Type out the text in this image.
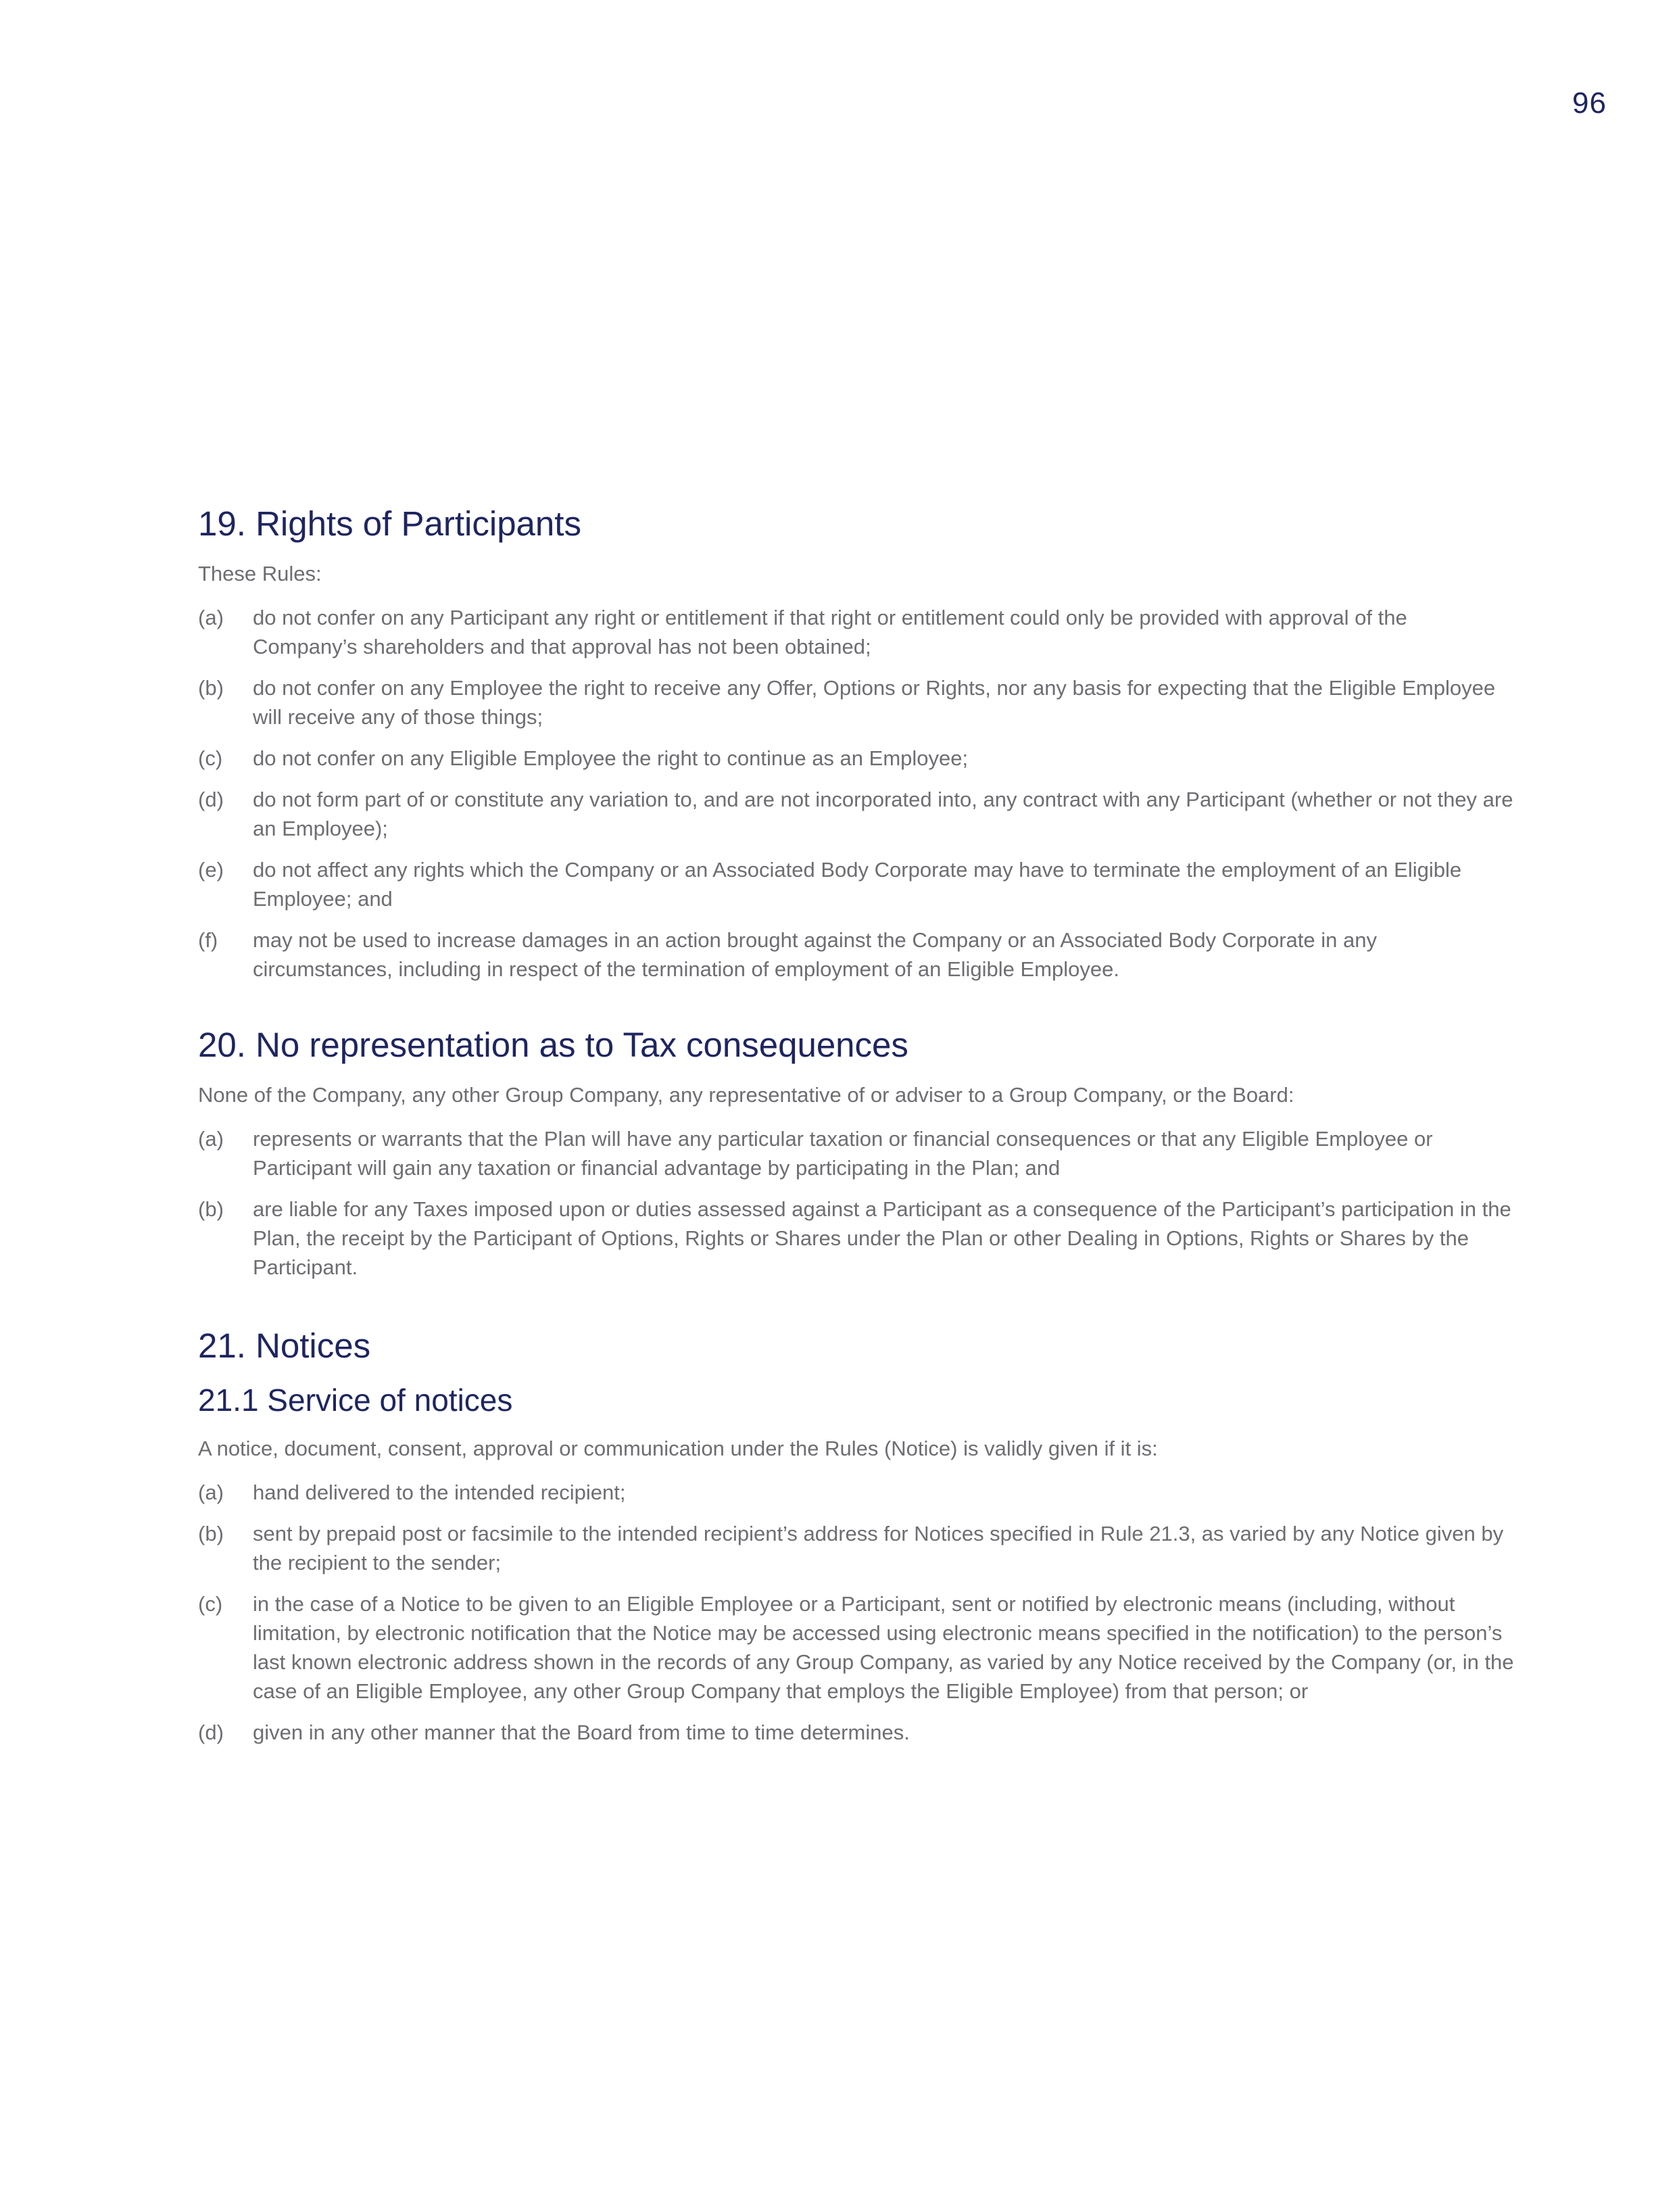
96
19. Rights of Participants

These Rules:

(a)	do not confer on any Participant any right or entitlement if that right or entitlement could only be provided with approval of the Company’s shareholders and that approval has not been obtained;
(b)	do not confer on any Employee the right to receive any Offer, Options or Rights, nor any basis for expecting that the Eligible Employee will receive any of those things;
(c)	do not confer on any Eligible Employee the right to continue as an Employee;
(d)	do not form part of or constitute any variation to, and are not incorporated into, any contract with any Participant (whether or not they are an Employee);
(e)	do not affect any rights which the Company or an Associated Body Corporate may have to terminate the employment of an Eligible Employee; and
(f)	may not be used to increase damages in an action brought against the Company or an Associated Body Corporate in any circumstances, including in respect of the termination of employment of an Eligible Employee.
20. No representation as to Tax consequences

None of the Company, any other Group Company, any representative of or adviser to a Group Company, or the Board:

(a)	represents or warrants that the Plan will have any particular taxation or financial consequences or that any Eligible Employee or Participant will gain any taxation or financial advantage by participating in the Plan; and
(b)	are liable for any Taxes imposed upon or duties assessed against a Participant as a consequence of the Participant’s participation in the Plan, the receipt by the Participant of Options, Rights or Shares under the Plan or other Dealing in Options, Rights or Shares by the Participant.
21. Notices
21.1 Service of notices

A notice, document, consent, approval or communication under the Rules (Notice) is validly given if it is:

(a)	hand delivered to the intended recipient;
(b)	sent by prepaid post or facsimile to the intended recipient’s address for Notices specified in Rule 21.3, as varied by any Notice given by the recipient to the sender;
(c)	in the case of a Notice to be given to an Eligible Employee or a Participant, sent or notified by electronic means (including, without limitation, by electronic notification that the Notice may be accessed using electronic means specified in the notification) to the person’s last known electronic address shown in the records of any Group Company, as varied by any Notice received by the Company (or, in the case of an Eligible Employee, any other Group Company that employs the Eligible Employee) from that person; or
(d)	given in any other manner that the Board from time to time determines.
